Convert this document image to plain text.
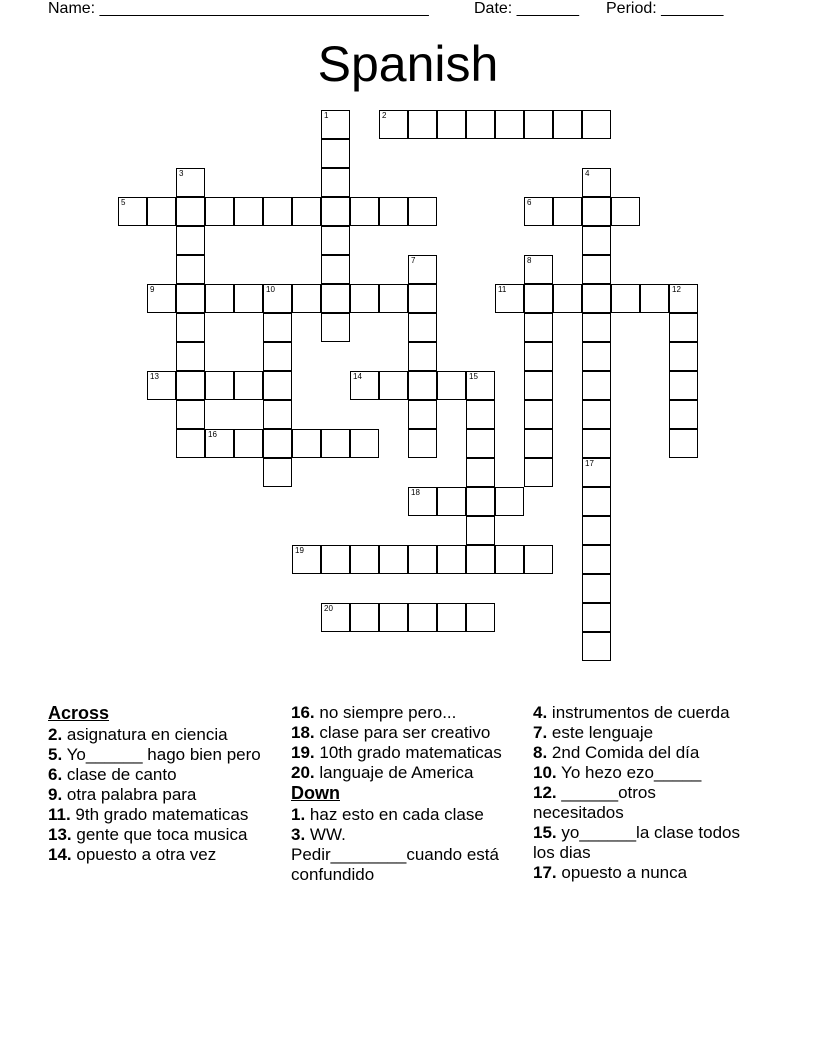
Name: _____________________________________	Date: _______ Period: _______
Spanish
2
5	6
9	10	11	12
13	14	15
16
18
19
20
1
3	4
7	8
17
Across
2. asignatura en ciencia
5. Yo______ hago bien pero
6. clase de canto
9. otra palabra para
11. 9th grado matematicas
13. gente que toca musica
14. opuesto a otra vez
16. no siempre pero...
18. clase para ser creativo
19. 10th grado matematicas
20. languaje de America
Down
1. haz esto en cada clase
3. WW. Pedir________cuando está confundido
4. instrumentos de cuerda
7. este lenguaje
8. 2nd Comida del día
10. Yo hezo ezo_____
12. ______otros necesitados
15. yo______la clase todos los dias
17. opuesto a nunca
